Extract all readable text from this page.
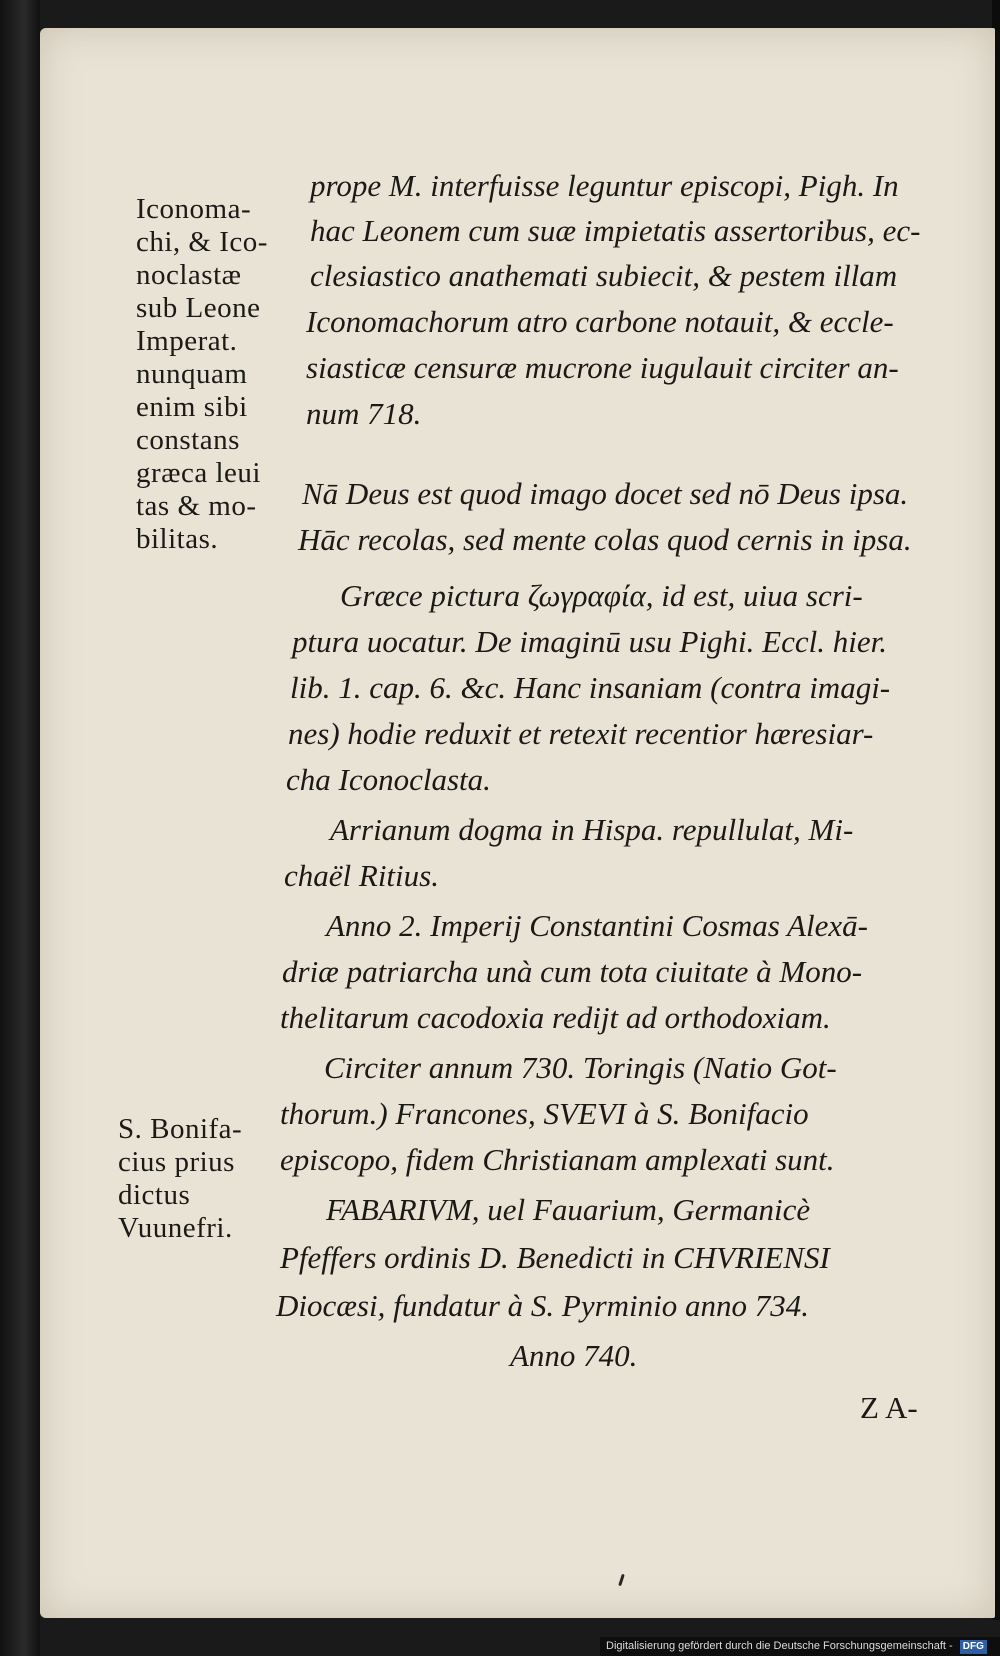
Iconoma-
chi, & Ico-
noclastæ
sub Leone
Imperat.
nunquam
enim sibi
constans
græca leui
tas & mo-
bilitas.
S. Bonifa-
cius prius
dictus
Vuunefri.
prope M. interfuisse leguntur episcopi, Pigh. In
hac Leonem cum suæ impietatis assertoribus, ec-
clesiastico anathemati subiecit, & pestem illam
Iconomachorum atro carbone notauit, & eccle-
siasticæ censuræ mucrone iugulauit circiter an-
num 718.
Nā Deus est quod imago docet sed nō Deus ipsa.
Hāc recolas, sed mente colas quod cernis in ipsa.
Græce pictura ζωγραφία, id est, uiua scri-
ptura uocatur. De imaginū usu Pighi. Eccl. hier.
lib. 1. cap. 6. &c. Hanc insaniam (contra imagi-
nes) hodie reduxit et retexit recentior hæresiar-
cha Iconoclasta.
Arrianum dogma in Hispa. repullulat, Mi-
chaël Ritius.
Anno 2. Imperij Constantini Cosmas Alexā-
driæ patriarcha unà cum tota ciuitate à Mono-
thelitarum cacodoxia redijt ad orthodoxiam.
Circiter annum 730. Toringis (Natio Got-
thorum.) Francones, SVEVI à S. Bonifacio
episcopo, fidem Christianam amplexati sunt.
FABARIVM, uel Fauarium, Germanicè
Pfeffers ordinis D. Benedicti in CHVRIENSI
Diocæsi, fundatur à S. Pyrminio anno 734.
Anno 740.
Z A-
Digitalisierung gefördert durch die Deutsche Forschungsgemeinschaft - DFG
